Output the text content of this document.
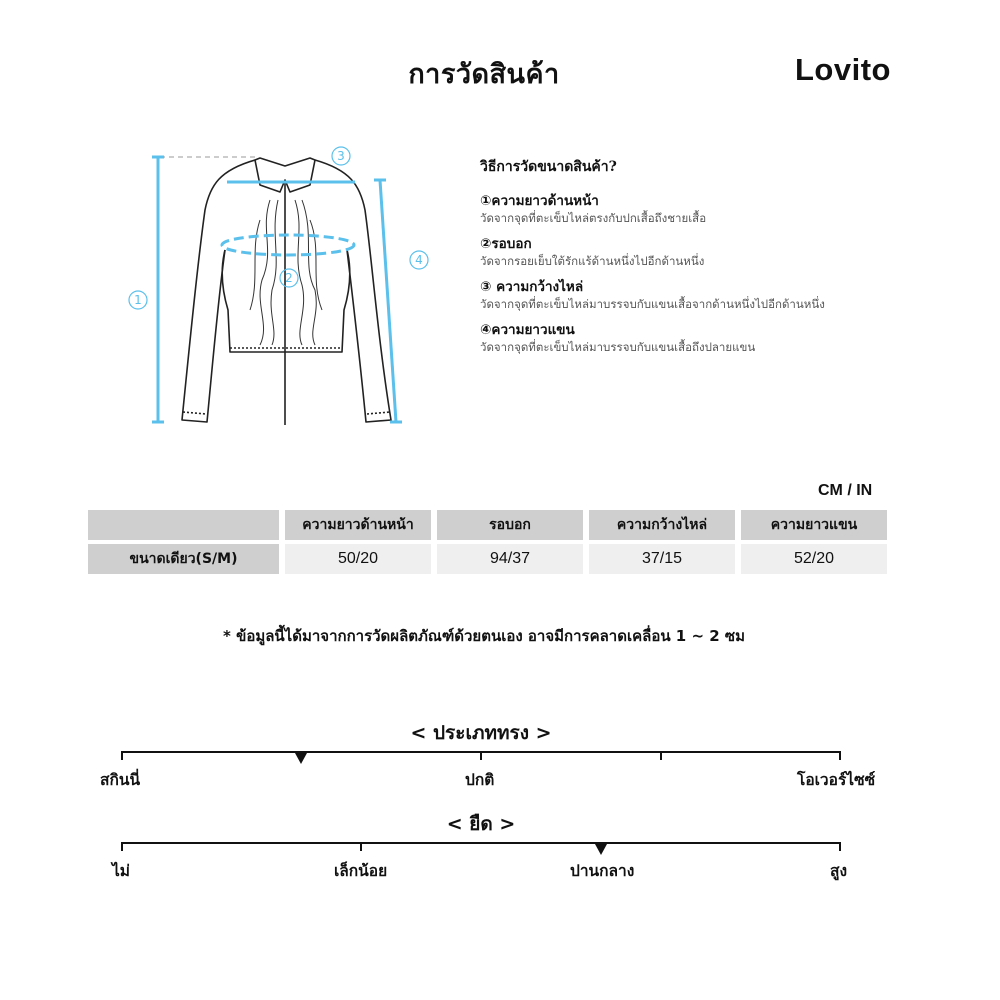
การวัดสินค้า	Lovito
1
2
3
4
วิธีการวัดขนาดสินค้า?
①ความยาวด้านหน้า
วัดจากจุดที่ตะเข็บไหล่ตรงกับปกเสื้อถึงชายเสื้อ
②รอบอก
วัดจากรอยเย็บใต้รักแร้ด้านหนึ่งไปอีกด้านหนึ่ง
③ ความกว้างไหล่
วัดจากจุดที่ตะเข็บไหล่มาบรรจบกับแขนเสื้อจากด้านหนึ่งไปอีกด้านหนึ่ง
④ความยาวแขน
วัดจากจุดที่ตะเข็บไหล่มาบรรจบกับแขนเสื้อถึงปลายแขน
CM / IN
	ความยาวด้านหน้า	รอบอก	ความกว้างไหล่	ความยาวแขน
ขนาดเดียว(S/M)	50/20	94/37	37/15	52/20
* ข้อมูลนี้ได้มาจากการวัดผลิตภัณฑ์ด้วยตนเอง อาจมีการคลาดเคลื่อน 1 ~ 2 ซม
< ประเภททรง >
สกินนี่	ปกติ	โอเวอร์ไซซ์
< ยืด >
ไม่	เล็กน้อย	ปานกลาง	สูง
